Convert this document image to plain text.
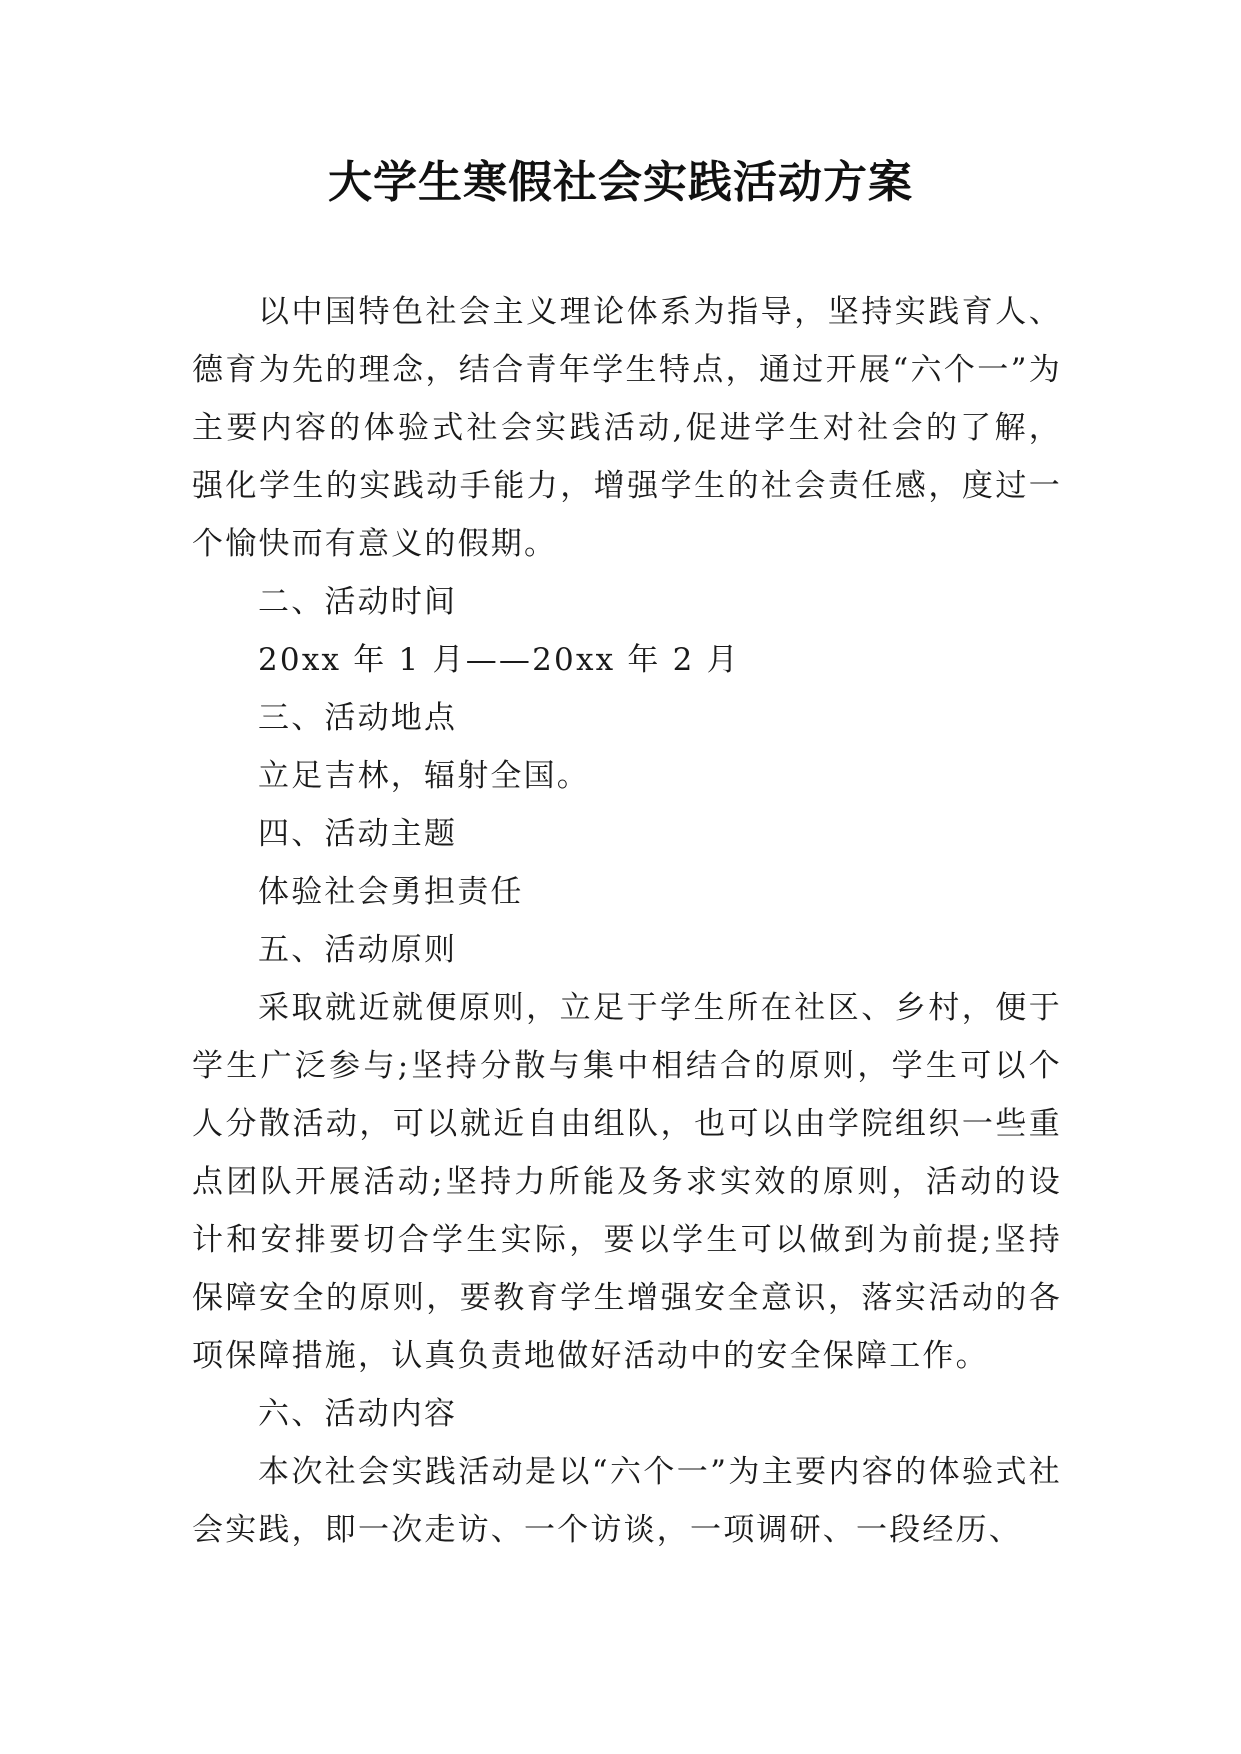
大学生寒假社会实践活动方案

以中国特色社会主义理论体系为指导，坚持实践育人、德育为先的理念，结合青年学生特点，通过开展“六个一”为主要内容的体验式社会实践活动,促进学生对社会的了解，强化学生的实践动手能力，增强学生的社会责任感，度过一个愉快而有意义的假期。

二、活动时间

20xx 年 1 月——20xx 年 2 月

三、活动地点

立足吉林，辐射全国。

四、活动主题

体验社会勇担责任

五、活动原则

采取就近就便原则，立足于学生所在社区、乡村，便于学生广泛参与;坚持分散与集中相结合的原则，学生可以个人分散活动，可以就近自由组队，也可以由学院组织一些重点团队开展活动;坚持力所能及务求实效的原则，活动的设计和安排要切合学生实际，要以学生可以做到为前提;坚持保障安全的原则，要教育学生增强安全意识，落实活动的各项保障措施，认真负责地做好活动中的安全保障工作。

六、活动内容

本次社会实践活动是以“六个一”为主要内容的体验式社会实践，即一次走访、一个访谈，一项调研、一段经历、
